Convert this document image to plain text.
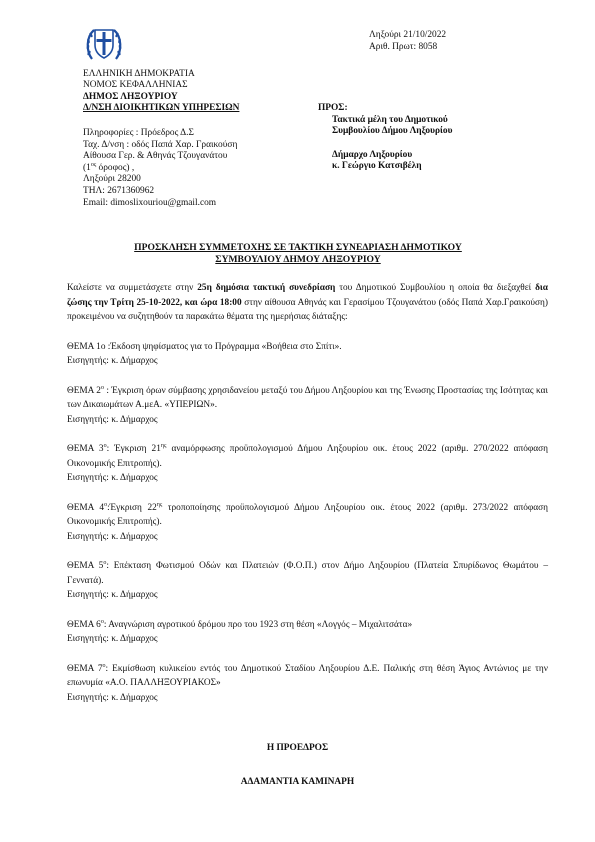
ΕΛΛΗΝΙΚΗ ΔΗΜΟΚΡΑΤΙΑ
ΝΟΜΟΣ ΚΕΦΑΛΛΗΝΙΑΣ
ΔΗΜΟΣ ΛΗΞΟΥΡΙΟΥ
Δ/ΝΣΗ ΔΙΟΙΚΗΤΙΚΩΝ ΥΠΗΡΕΣΙΩΝ
Ληξούρι 21/10/2022
Αριθ. Πρωτ: 8058
Πληροφορίες : Πρόεδρος Δ.Σ
Ταχ. Δ/νση : οδός Παπά Χαρ. Γραικούση
Αίθουσα Γερ. & Αθηνάς Τζουγανάτου
($1^{o\varsigma}$ όροφος) ,
Ληξούρι 28200
ΤΗΛ: 2671360962
Email: dimoslixouriou@gmail.com
ΠΡΟΣ:
Τακτικά μέλη του Δημοτικού
Συμβουλίου Δήμου Ληξουρίου
Δήμαρχο Ληξουρίου
κ. Γεώργιο Κατσιβέλη
ΠΡΟΣΚΛΗΣΗ ΣΥΜΜΕΤΟΧΗΣ ΣΕ ΤΑΚΤΙΚΗ ΣΥΝΕΔΡΙΑΣΗ ΔΗΜΟΤΙΚΟΥ
ΣΥΜΒΟΥΛΙΟΥ ΔΗΜΟΥ ΛΗΞΟΥΡΙΟΥ

Καλείστε να συμμετάσχετε στην 25η δημόσια τακτική συνεδρίαση του Δημοτικού Συμβουλίου η οποία θα διεξαχθεί δια ζώσης την Τρίτη 25-10-2022, και ώρα 18:00 στην αίθουσα Αθηνάς και Γερασίμου Τζουγανάτου (οδός Παπά Χαρ.Γραικούση) προκειμένου να συζητηθούν τα παρακάτω θέματα της ημερήσιας διάταξης:

ΘΕΜΑ 1ο :Έκδοση ψηφίσματος για το Πρόγραμμα «Βοήθεια στο Σπίτι».
Εισηγητής: κ. Δήμαρχος
ΘΕΜΑ $2^o$ : Έγκριση όρων σύμβασης χρησιδανείου μεταξύ του Δήμου Ληξουρίου και της Ένωσης Προστασίας της Ισότητας και των Δικαιωμάτων Α.μεΑ. «ΥΠΕΡΙΩΝ».
Εισηγητής: κ. Δήμαρχος
ΘΕΜΑ $3^o$: Έγκριση $21^{\eta\varsigma}$ αναμόρφωσης προϋπολογισμού Δήμου Ληξουρίου οικ. έτους 2022 (αριθμ. 270/2022 απόφαση Οικονομικής Επιτροπής).
Εισηγητής: κ. Δήμαρχος
ΘΕΜΑ $4^o:Έ\gamma\kappa\rho\iota\sigma\eta$ $22^{\eta\varsigma}$ τροποποίησης προϋπολογισμού Δήμου Ληξουρίου οικ. έτους 2022 (αριθμ. 273/2022 απόφαση Οικονομικής Επιτροπής).
Εισηγητής: κ. Δήμαρχος
ΘΕΜΑ $5^o$: Επέκταση Φωτισμού Οδών και Πλατειών (Φ.Ο.Π.) στον Δήμο Ληξουρίου (Πλατεία Σπυρίδωνος Θωμάτου – Γεννατά).
Εισηγητής: κ. Δήμαρχος
ΘΕΜΑ $6^o$: Αναγνώριση αγροτικού δρόμου προ του 1923 στη θέση «Λογγός – Μιχαλιτσάτα»
Εισηγητής: κ. Δήμαρχος
ΘΕΜΑ $7^o$: Εκμίσθωση κυλικείου εντός του Δημοτικού Σταδίου Ληξουρίου Δ.Ε. Παλικής στη θέση Άγιος Αντώνιος με την επωνυμία «Α.Ο. ΠΑΛΛΗΞΟΥΡΙΑΚΟΣ»
Εισηγητής: κ. Δήμαρχος
Η ΠΡΟΕΔΡΟΣ
ΑΔΑΜΑΝΤΙΑ ΚΑΜΙΝΑΡΗ
